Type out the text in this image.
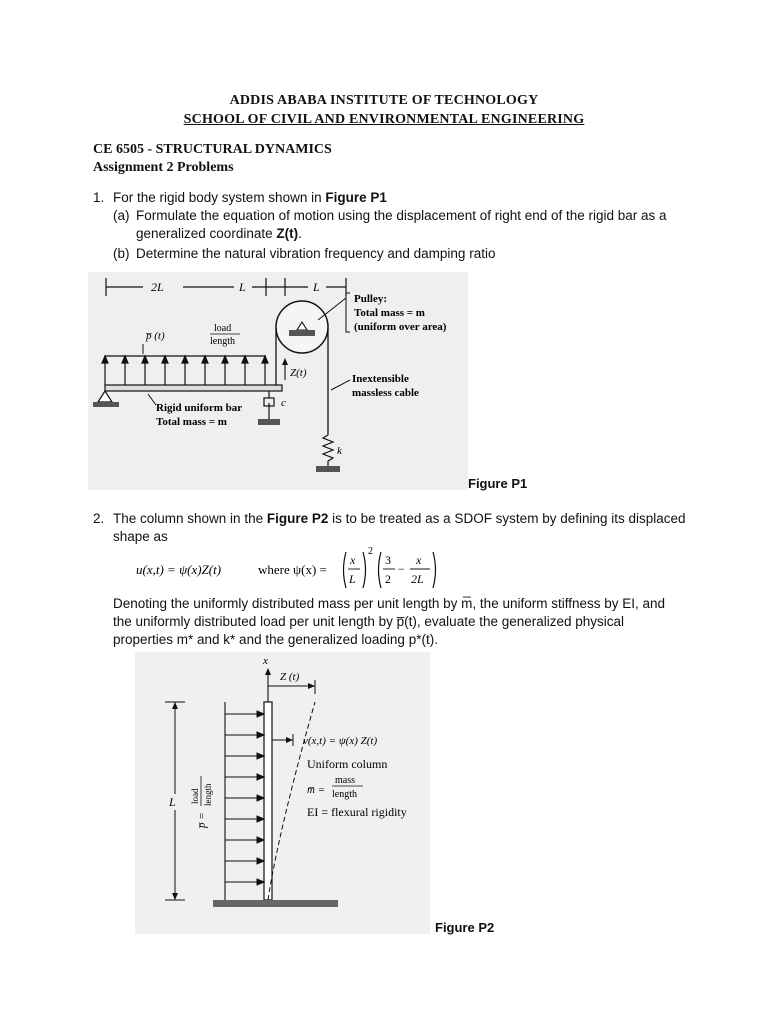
ADDIS ABABA INSTITUTE OF TECHNOLOGY
SCHOOL OF CIVIL AND ENVIRONMENTAL ENGINEERING
CE 6505 - STRUCTURAL DYNAMICS
Assignment 2 Problems
1. For the rigid body system shown in Figure P1
(a) Formulate the equation of motion using the displacement of right end of the rigid bar as a
generalized coordinate Z(t).
(b) Determine the natural vibration frequency and damping ratio
2L	L	L
p̅ (t)
load
length
c
Pulley:
Total mass = m
(uniform over area)
Z(t)	Inextensible
massless cable
k
Rigid uniform bar
Total mass = m
Figure P1
2. The column shown in the Figure P2 is to be treated as a SDOF system by defining its displaced
shape as
u(x,t) = ψ(x)Z(t)	where ψ(x) =
x
L
2
3
2
−
x
2L
Denoting the uniformly distributed mass per unit length by m̅, the uniform stiffness by EI, and
the uniformly distributed load per unit length by p̅(t), evaluate the generalized physical
properties m* and k* and the generalized loading p*(t).
x
Z (t)
p̅ =
load length
L
v(x,t) = ψ(x) Z(t)
Uniform column
m̅ =
mass
length
EI = flexural rigidity
Figure P2
